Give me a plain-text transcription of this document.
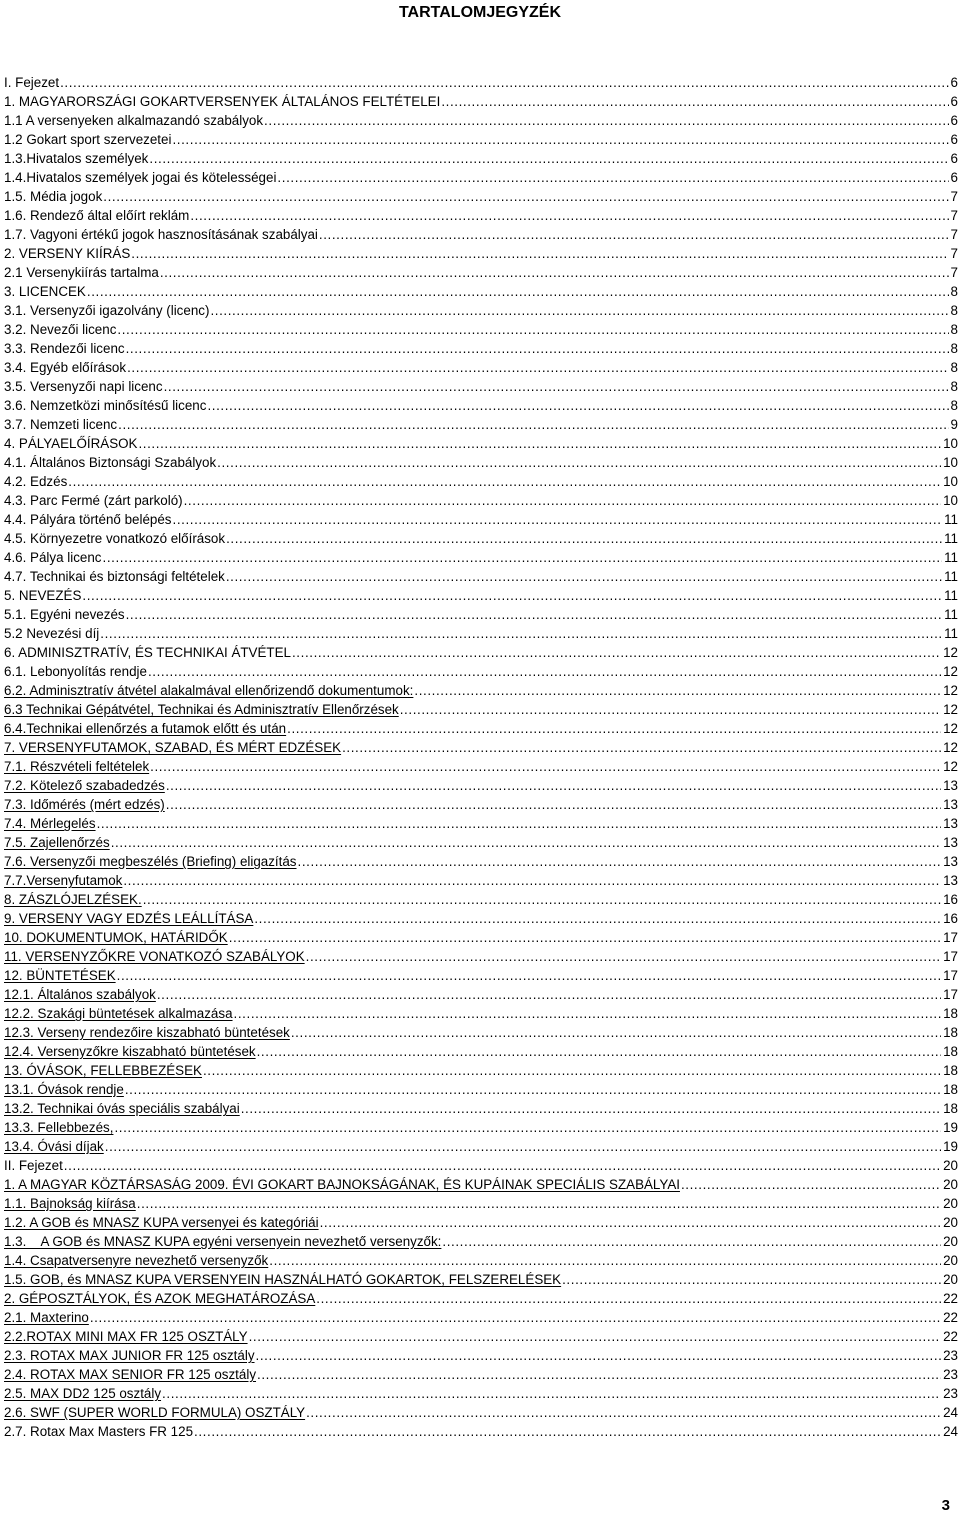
TARTALOMJEGYZÉK
I. Fejezet .....	6
1. MAGYARORSZÁGI GOKARTVERSENYEK ÁLTALÁNOS FELTÉTELEI .....	6
1.1 A versenyeken alkalmazandó szabályok .....	6
1.2 Gokart sport szervezetei .....	6
1.3.Hivatalos személyek .....	6
1.4.Hivatalos személyek jogai és kötelességei .....	6
1.5. Média jogok .....	7
1.6. Rendező által előírt reklám .....	7
1.7. Vagyoni értékű jogok hasznosításának szabályai .....	7
2. VERSENY KIÍRÁS .....	7
2.1 Versenykiírás tartalma .....	7
3. LICENCEK .....	8
3.1. Versenyzői igazolvány (licenc) .....	8
3.2. Nevezői licenc .....	8
3.3. Rendezői licenc .....	8
3.4. Egyéb előírások .....	8
3.5. Versenyzői napi licenc .....	8
3.6. Nemzetközi minősítésű licenc .....	8
3.7. Nemzeti licenc .....	9
4. PÁLYAELŐÍRÁSOK .....	10
4.1. Általános Biztonsági Szabályok .....	10
4.2. Edzés .....	10
4.3. Parc Fermé (zárt parkoló) .....	10
4.4. Pályára történő belépés .....	11
4.5. Környezetre vonatkozó előírások .....	11
4.6. Pálya licenc .....	11
4.7. Technikai és biztonsági feltételek .....	11
5. NEVEZÉS .....	11
5.1. Egyéni nevezés .....	11
5.2 Nevezési díj .....	11
6. ADMINISZTRATÍV, ÉS TECHNIKAI ÁTVÉTEL .....	12
6.1. Lebonyolítás rendje .....	12
6.2. Adminisztratív átvétel alakalmával ellenőrizendő dokumentumok: .....	12
6.3 Technikai Gépátvétel, Technikai és Adminisztratív Ellenőrzések .....	12
6.4.Technikai ellenőrzés a futamok előtt és után .....	12
7. VERSENYFUTAMOK, SZABAD, ÉS MÉRT EDZÉSEK .....	12
7.1. Részvételi feltételek .....	12
7.2. Kötelező szabadedzés .....	13
7.3. Időmérés (mért edzés) .....	13
7.4. Mérlegelés .....	13
7.5. Zajellenőrzés .....	13
7.6. Versenyzői megbeszélés (Briefing) eligazítás .....	13
7.7.Versenyfutamok .....	13
8. ZÁSZLÓJELZÉSEK. .....	16
9. VERSENY VAGY EDZÉS LEÁLLÍTÁSA .....	16
10. DOKUMENTUMOK, HATÁRIDŐK .....	17
11. VERSENYZŐKRE VONATKOZÓ SZABÁLYOK .....	17
12. BÜNTETÉSEK .....	17
12.1. Általános szabályok .....	17
12.2. Szakági büntetések alkalmazása .....	18
12.3. Verseny rendezőire kiszabható büntetések .....	18
12.4. Versenyzőkre kiszabható büntetések .....	18
13. ÓVÁSOK, FELLEBBEZÉSEK .....	18
13.1. Óvások rendje .....	18
13.2. Technikai óvás speciális szabályai .....	18
13.3. Fellebbezés, .....	19
13.4. Óvási díjak .....	19
II. Fejezet .....	20
1. A MAGYAR KÖZTÁRSASÁG 2009. ÉVI GOKART BAJNOKSÁGÁNAK, ÉS KUPÁINAK SPECIÁLIS SZABÁLYAI .....	20
1.1. Bajnokság kiírása .....	20
1.2. A GOB és MNASZ KUPA versenyei és kategóriái .....	20
1.3.    A GOB és MNASZ KUPA egyéni versenyein nevezhető versenyzők: .....	20
1.4. Csapatversenyre nevezhető versenyzők .....	20
1.5. GOB, és MNASZ KUPA VERSENYEIN HASZNÁLHATÓ GOKARTOK, FELSZERELÉSEK .....	20
2. GÉPOSZTÁLYOK, ÉS AZOK MEGHATÁROZÁSA .....	22
2.1. Maxterino .....	22
2.2.ROTAX MINI MAX FR 125 OSZTÁLY .....	22
2.3. ROTAX MAX JUNIOR FR 125 osztály .....	23
2.4. ROTAX MAX SENIOR FR 125 osztály .....	23
2.5. MAX DD2 125 osztály .....	23
2.6. SWF (SUPER WORLD FORMULA) OSZTÁLY .....	24
2.7. Rotax Max Masters FR 125 .....	24
3
